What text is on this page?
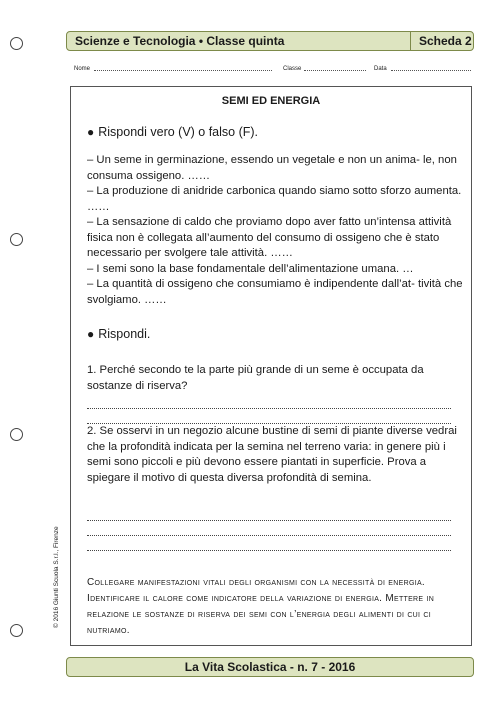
Scienze e Tecnologia • Classe quinta	Scheda 2
Nome	Classe	Data
SEMI ED ENERGIA
● Rispondi vero (V) o falso (F).

– Un seme in germinazione, essendo un vegetale e non un anima- le, non consuma ossigeno. ……

– La produzione di anidride carbonica quando siamo sotto sforzo aumenta. ……

– La sensazione di caldo che proviamo dopo aver fatto un’intensa attività fisica non è collegata all’aumento del consumo di ossigeno che è stato necessario per svolgere tale attività. ……

– I semi sono la base fondamentale dell’alimentazione umana. …

– La quantità di ossigeno che consumiamo è indipendente dall’at- tività che svolgiamo. ……

● Rispondi.
1. Perché secondo te la parte più grande di un seme è occupata da sostanze di riserva?
2. Se osservi in un negozio alcune bustine di semi di piante diverse vedrai che la profondità indicata per la semina nel terreno varia: in genere più i semi sono piccoli e più devono essere piantati in superficie. Prova a spiegare il motivo di questa diversa profondità di semina.

Collegare manifestazioni vitali degli organismi con la necessità di energia.

Identificare il calore come indicatore della variazione di energia. Mettere in relazione le sostanze di riserva dei semi con l’energia degli alimenti di cui ci nutriamo.

© 2016 Giunti Scuola S.r.l., Firenze
La Vita Scolastica - n. 7 - 2016
